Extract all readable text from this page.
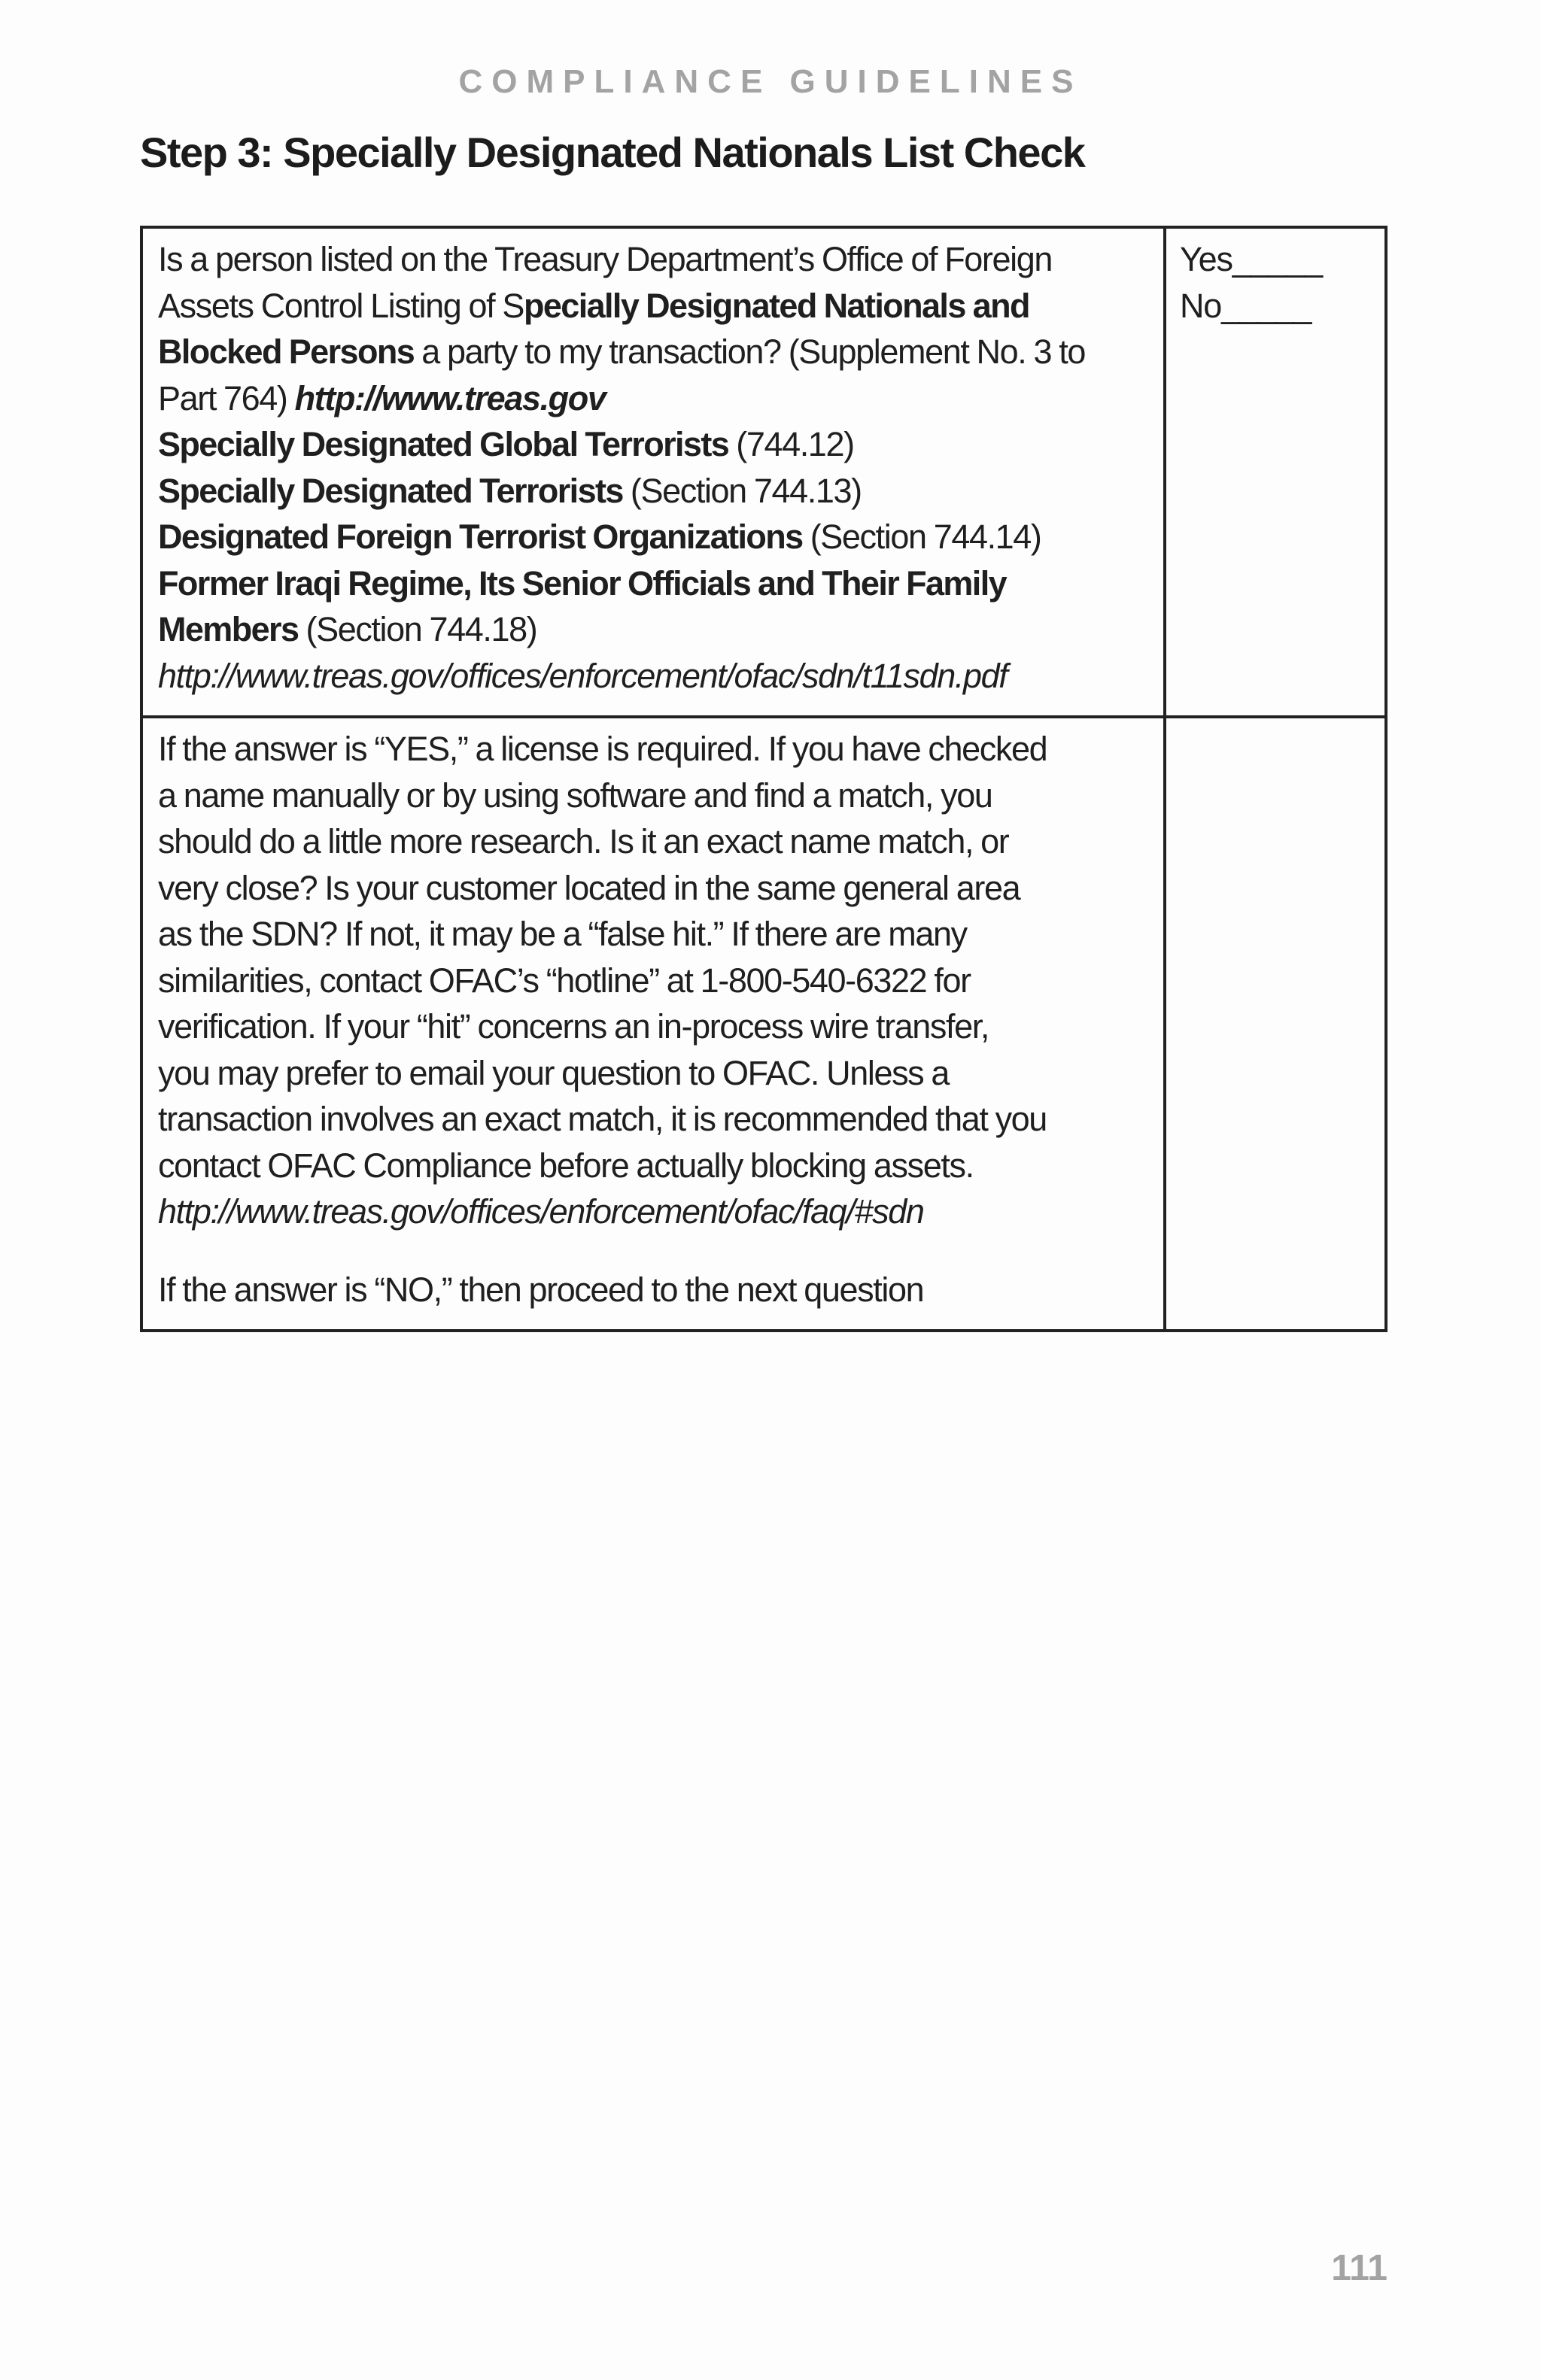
COMPLIANCE GUIDELINES
Step 3: Specially Designated Nationals List Check
Is a person listed on the Treasury Department’s Office of Foreign
Assets Control Listing of Specially Designated Nationals and
Blocked Persons a party to my transaction? (Supplement No. 3 to
Part 764) http://www.treas.gov
Specially Designated Global Terrorists (744.12)
Specially Designated Terrorists (Section 744.13)
Designated Foreign Terrorist Organizations (Section 744.14)
Former Iraqi Regime, Its Senior Officials and Their Family
Members (Section 744.18)
http://www.treas.gov/offices/enforcement/ofac/sdn/t11sdn.pdf
Yes_____
No_____
If the answer is “YES,” a license is required. If you have checked
a name manually or by using software and find a match, you
should do a little more research. Is it an exact name match, or
very close? Is your customer located in the same general area
as the SDN? If not, it may be a “false hit.” If there are many
similarities, contact OFAC’s “hotline” at 1-800-540-6322 for
verification. If your “hit” concerns an in-process wire transfer,
you may prefer to email your question to OFAC. Unless a
transaction involves an exact match, it is recommended that you
contact OFAC Compliance before actually blocking assets.
http://www.treas.gov/offices/enforcement/ofac/faq/#sdn
If the answer is “NO,” then proceed to the next question
111
